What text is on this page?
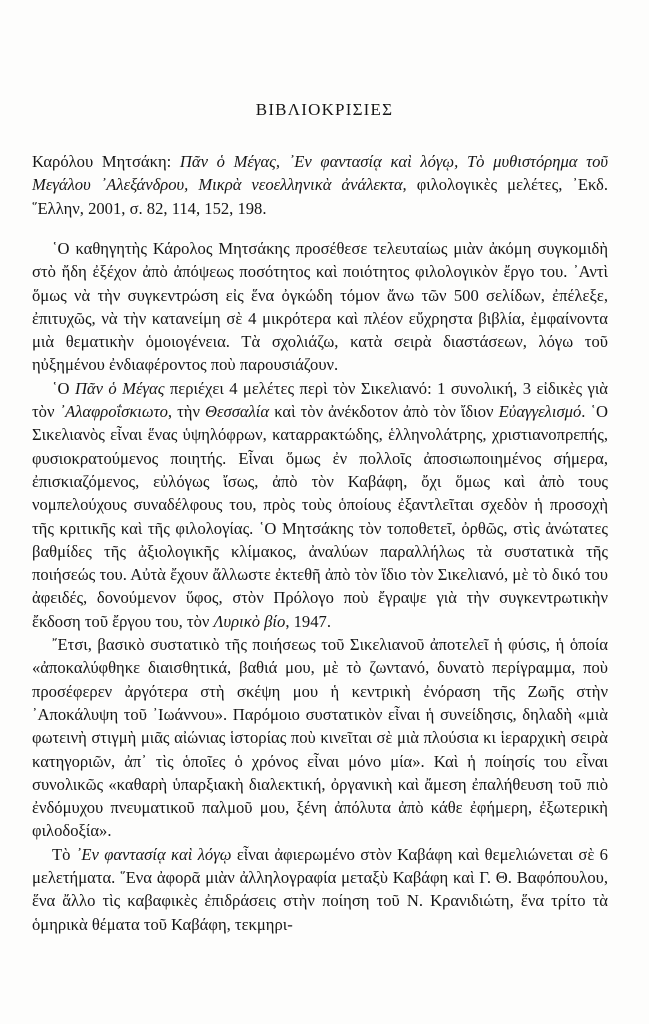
ΒΙΒΛΙΟΚΡΙΣΙΕΣ
Καρόλου Μητσάκη: Πᾶν ὁ Μέγας, ᾿Εν φαντασίᾳ καὶ λόγῳ, Τὸ μυθιστόρημα τοῦ Μεγάλου ᾿Αλεξάνδρου, Μικρὰ νεοελληνικὰ ἀνάλεκτα, φιλολογικὲς μελέτες, ᾿Εκδ. ῞Ελλην, 2001, σ. 82, 114, 152, 198.

῾Ο καθηγητὴς Κάρολος Μητσάκης προσέθεσε τελευταίως μιὰν ἀκόμη συγκομιδὴ στὸ ἤδη ἐξέχον ἀπὸ ἀπόψεως ποσότητος καὶ ποιότητος φιλολογικὸν ἔργο του. ᾿Αντὶ ὅμως νὰ τὴν συγκεντρώση εἰς ἕνα ὀγκώδη τόμον ἄνω τῶν 500 σελίδων, ἐπέλεξε, ἐπιτυχῶς, νὰ τὴν κατανείμη σὲ 4 μικρότερα καὶ πλέον εὔχρηστα βιβλία, ἐμφαίνοντα μιὰ θεματικὴν ὁμοιογένεια. Τὰ σχολιάζω, κατὰ σειρὰ διαστάσεων, λόγω τοῦ ηὐξημένου ἐνδιαφέροντος ποὺ παρουσιάζουν.

῾Ο Πᾶν ὁ Μέγας περιέχει 4 μελέτες περὶ τὸν Σικελιανό: 1 συνολική, 3 εἰδικὲς γιὰ τὸν ᾿Αλαφροΐσκιωτο, τὴν Θεσσαλία καὶ τὸν ἀνέκδοτον ἀπὸ τὸν ἴδιον Εὐαγγελισμό. ῾Ο Σικελιανὸς εἶναι ἕνας ὑψηλόφρων, καταρρακτώδης, ἑλληνολάτρης, χριστιανοπρεπής, φυσιοκρατούμενος ποιητής. Εἶναι ὅμως ἐν πολλοῖς ἀποσιωποιημένος σήμερα, ἐπισκιαζόμενος, εὐλόγως ἴσως, ἀπὸ τὸν Καβάφη, ὄχι ὅμως καὶ ἀπὸ τους νομπελούχους συναδέλφους του, πρὸς τοὺς ὁποίους ἐξαντλεῖται σχεδὸν ἡ προσοχὴ τῆς κριτικῆς καὶ τῆς φιλολογίας. ῾Ο Μητσάκης τὸν τοποθετεῖ, ὀρθῶς, στὶς ἀνώτατες βαθμίδες τῆς ἀξιολογικῆς κλίμακος, ἀναλύων παραλλήλως τὰ συστατικὰ τῆς ποιήσεώς του. Αὐτὰ ἔχουν ἄλλωστε ἐκτεθῆ ἀπὸ τὸν ἴδιο τὸν Σικελιανό, μὲ τὸ δικό του ἀφειδές, δονούμενον ὕφος, στὸν Πρόλογο ποὺ ἔγραψε γιὰ τὴν συγκεντρωτικὴν ἔκδοση τοῦ ἔργου του, τὸν Λυρικὸ βίο, 1947.

῎Ετσι, βασικὸ συστατικὸ τῆς ποιήσεως τοῦ Σικελιανοῦ ἀποτελεῖ ἡ φύσις, ἡ ὁποία «ἀποκαλύφθηκε διαισθητικά, βαθιά μου, μὲ τὸ ζωντανό, δυνατὸ περίγραμμα, ποὺ προσέφερεν ἀργότερα στὴ σκέψη μου ἡ κεντρικὴ ἐνόραση τῆς Ζωῆς στὴν ᾿Αποκάλυψη τοῦ ᾿Ιωάννου». Παρόμοιο συστατικὸν εἶναι ἡ συνείδησις, δηλαδὴ «μιὰ φωτεινὴ στιγμὴ μιᾶς αἰώνιας ἱστορίας ποὺ κινεῖται σὲ μιὰ πλούσια κι ἱεραρχικὴ σειρὰ κατηγοριῶν, ἀπ᾿ τὶς ὁποῖες ὁ χρόνος εἶναι μόνο μία». Καὶ ἡ ποίησίς του εἶναι συνολικῶς «καθαρὴ ὑπαρξιακὴ διαλεκτική, ὀργανικὴ καὶ ἄμεση ἐπαλήθευση τοῦ πιὸ ἐνδόμυχου πνευματικοῦ παλμοῦ μου, ξένη ἀπόλυτα ἀπὸ κάθε ἐφήμερη, ἐξωτερικὴ φιλοδοξία».

Τὸ ᾿Εν φαντασίᾳ καὶ λόγῳ εἶναι ἀφιερωμένο στὸν Καβάφη καὶ θεμελιώνεται σὲ 6 μελετήματα. ῞Ενα ἀφορᾶ μιὰν ἀλληλογραφία μεταξὺ Καβάφη καὶ Γ. Θ. Βαφόπουλου, ἕνα ἄλλο τὶς καβαφικὲς ἐπιδράσεις στὴν ποίηση τοῦ Ν. Κρανιδιώτη, ἕνα τρίτο τὰ ὁμηρικὰ θέματα τοῦ Καβάφη, τεκμηρι-
